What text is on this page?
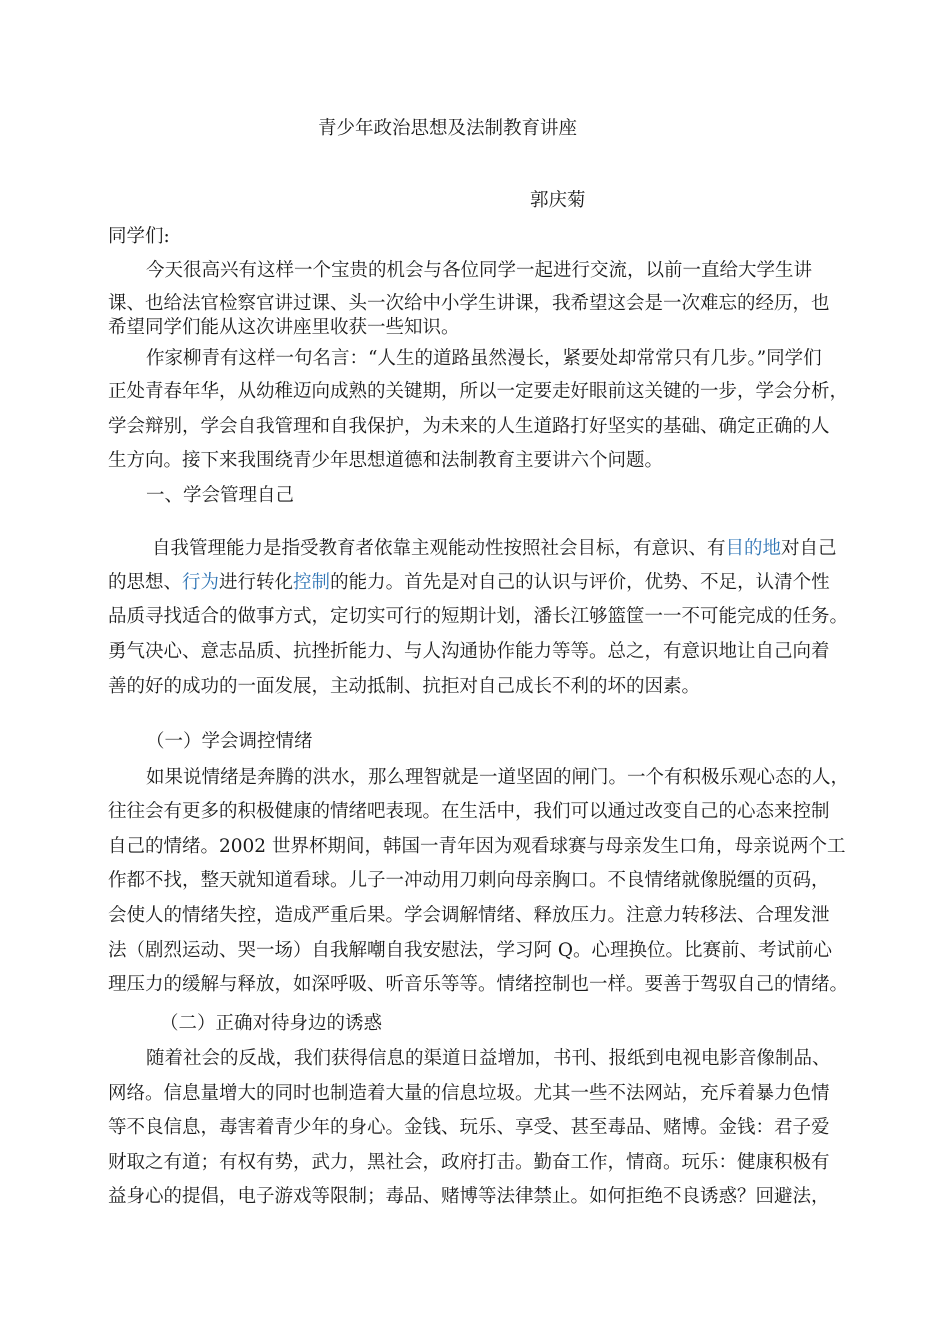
青少年政治思想及法制教育讲座
郭庆菊
同学们:
今天很高兴有这样一个宝贵的机会与各位同学一起进行交流，以前一直给大学生讲
课、也给法官检察官讲过课、头一次给中小学生讲课，我希望这会是一次难忘的经历，也
希望同学们能从这次讲座里收获一些知识。
作家柳青有这样一句名言：“人生的道路虽然漫长，紧要处却常常只有几步。”同学们
正处青春年华，从幼稚迈向成熟的关键期，所以一定要走好眼前这关键的一步，学会分析，
学会辩别，学会自我管理和自我保护，为未来的人生道路打好坚实的基础、确定正确的人
生方向。接下来我围绕青少年思想道德和法制教育主要讲六个问题。
一、学会管理自己
自我管理能力是指受教育者依靠主观能动性按照社会目标，有意识、有目的地对自己
的思想、行为进行转化控制的能力。首先是对自己的认识与评价，优势、不足，认清个性
品质寻找适合的做事方式，定切实可行的短期计划，潘长江够篮筐一一不可能完成的任务。
勇气决心、意志品质、抗挫折能力、与人沟通协作能力等等。总之，有意识地让自己向着
善的好的成功的一面发展，主动抵制、抗拒对自己成长不利的坏的因素。
（一）学会调控情绪
如果说情绪是奔腾的洪水，那么理智就是一道坚固的闸门。一个有积极乐观心态的人，
往往会有更多的积极健康的情绪吧表现。在生活中，我们可以通过改变自己的心态来控制
自己的情绪。2002 世界杯期间，韩国一青年因为观看球赛与母亲发生口角，母亲说两个工
作都不找，整天就知道看球。儿子一冲动用刀刺向母亲胸口。不良情绪就像脱缰的页码，
会使人的情绪失控，造成严重后果。学会调解情绪、释放压力。注意力转移法、合理发泄
法（剧烈运动、哭一场）自我解嘲自我安慰法，学习阿 Q。心理换位。比赛前、考试前心
理压力的缓解与释放，如深呼吸、听音乐等等。情绪控制也一样。要善于驾驭自己的情绪。
（二）正确对待身边的诱惑
随着社会的反战，我们获得信息的渠道日益增加，书刊、报纸到电视电影音像制品、
网络。信息量增大的同时也制造着大量的信息垃圾。尤其一些不法网站，充斥着暴力色情
等不良信息，毒害着青少年的身心。金钱、玩乐、享受、甚至毒品、赌博。金钱：君子爱
财取之有道；有权有势，武力，黑社会，政府打击。勤奋工作，情商。玩乐：健康积极有
益身心的提倡，电子游戏等限制；毒品、赌博等法律禁止。如何拒绝不良诱惑？回避法，
